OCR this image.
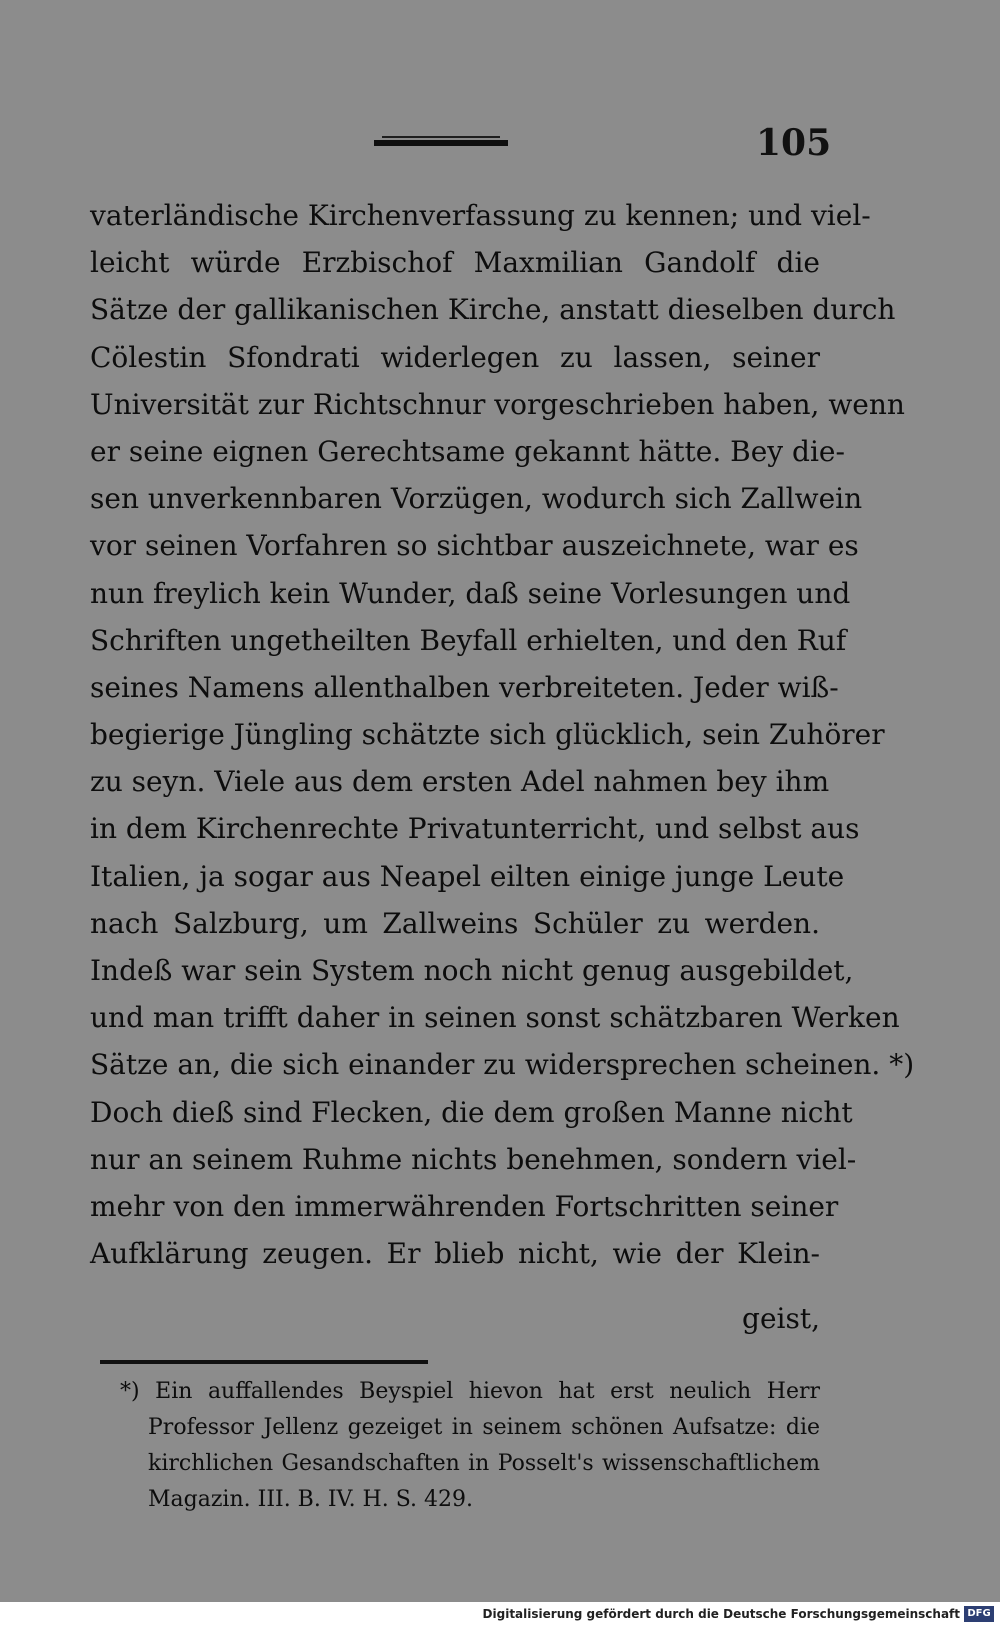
105
vaterländische Kirchenverfassung zu kennen; und viel-
leicht würde Erzbischof Maxmilian Gandolf die
Sätze der gallikanischen Kirche, anstatt dieselben durch
Cölestin Sfondrati widerlegen zu lassen, seiner
Universität zur Richtschnur vorgeschrieben haben, wenn
er seine eignen Gerechtsame gekannt hätte. Bey die-
sen unverkennbaren Vorzügen, wodurch sich Zallwein
vor seinen Vorfahren so sichtbar auszeichnete, war es
nun freylich kein Wunder, daß seine Vorlesungen und
Schriften ungetheilten Beyfall erhielten, und den Ruf
seines Namens allenthalben verbreiteten. Jeder wiß-
begierige Jüngling schätzte sich glücklich, sein Zuhörer
zu seyn. Viele aus dem ersten Adel nahmen bey ihm
in dem Kirchenrechte Privatunterricht, und selbst aus
Italien, ja sogar aus Neapel eilten einige junge Leute
nach Salzburg, um Zallweins Schüler zu werden.
Indeß war sein System noch nicht genug ausgebildet,
und man trifft daher in seinen sonst schätzbaren Werken
Sätze an, die sich einander zu widersprechen scheinen. *)
Doch dieß sind Flecken, die dem großen Manne nicht
nur an seinem Ruhme nichts benehmen, sondern viel-
mehr von den immerwährenden Fortschritten seiner
Aufklärung zeugen. Er blieb nicht, wie der Klein-
geist,
*) Ein auffallendes Beyspiel hievon hat erst neulich Herr
Professor Jellenz gezeiget in seinem schönen Aufsatze: die
kirchlichen Gesandschaften in Posselt's wissenschaftlichem
Magazin. III. B. IV. H. S. 429.
Digitalisierung gefördert durch die Deutsche Forschungsgemeinschaft DFG
